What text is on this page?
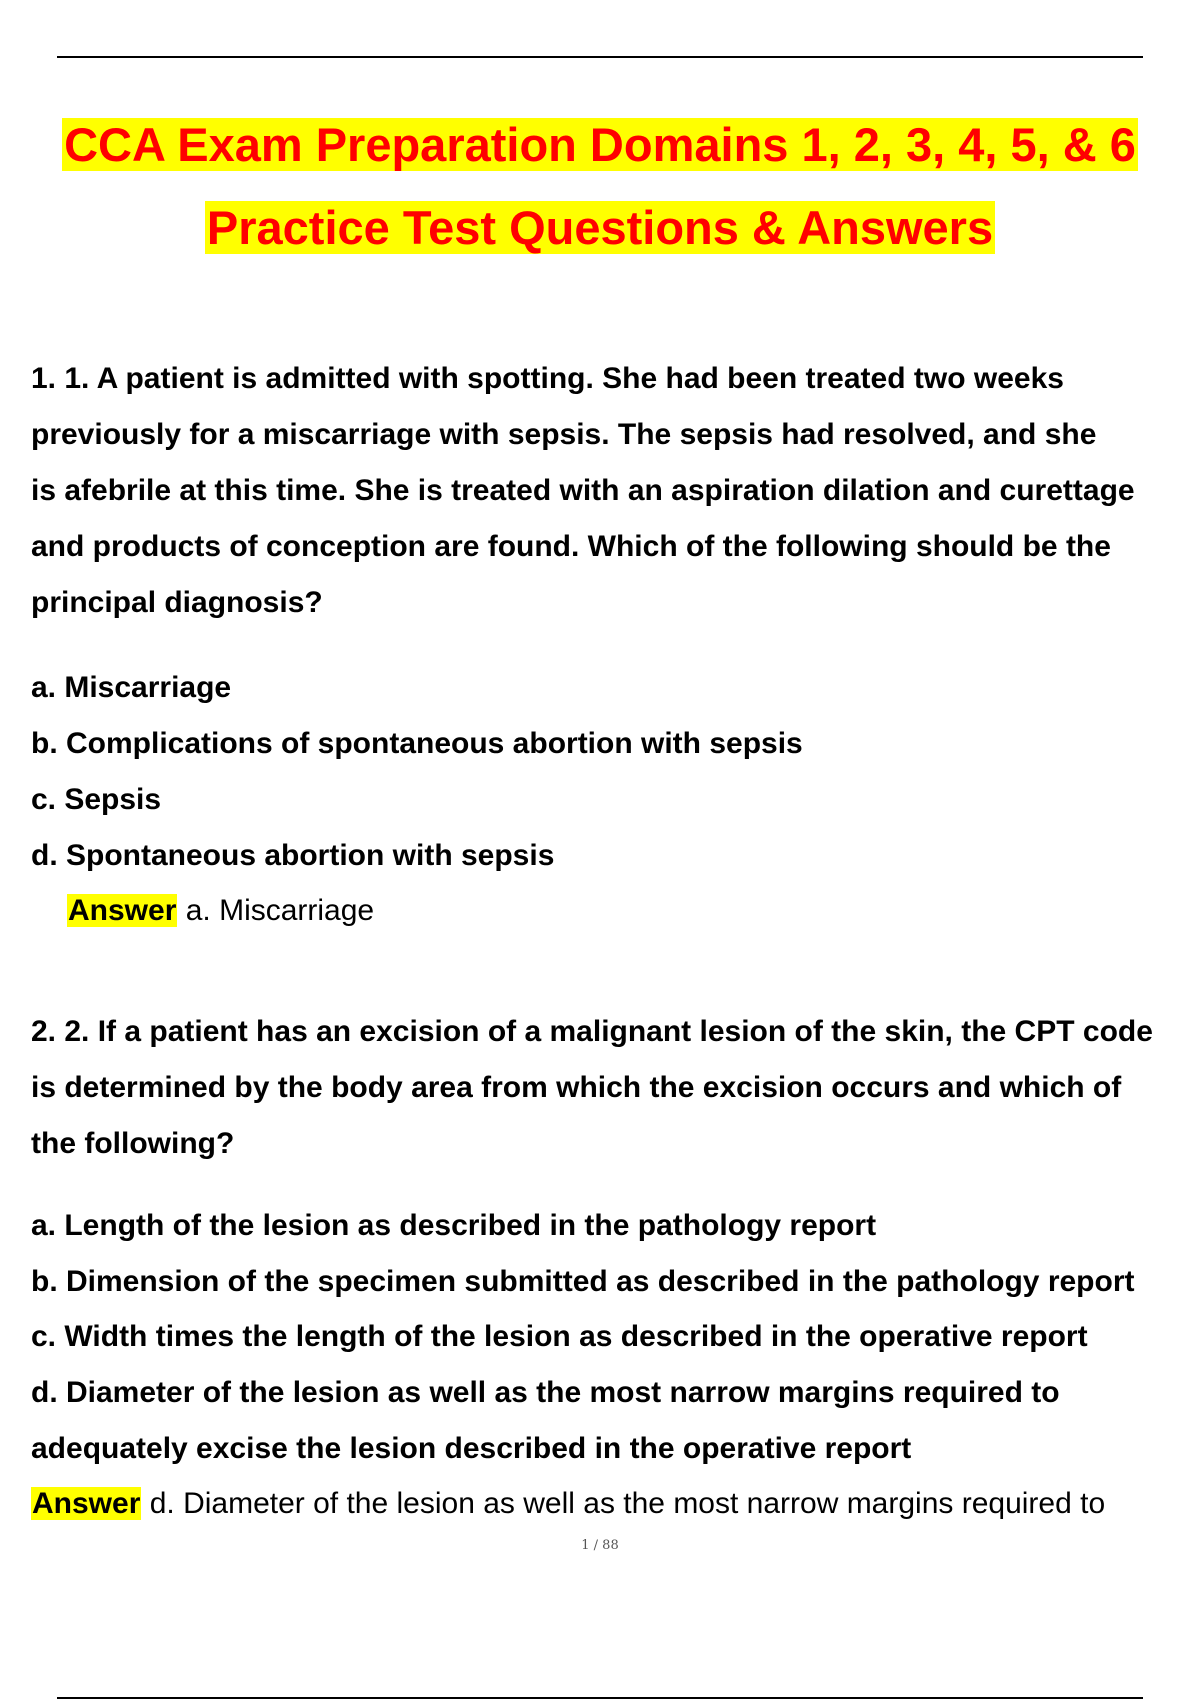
CCA Exam Preparation Domains 1, 2, 3, 4, 5, & 6
Practice Test Questions & Answers
1. 1. A patient is admitted with spotting. She had been treated two weeks
previously for a miscarriage with sepsis. The sepsis had resolved, and she
is afebrile at this time. She is treated with an aspiration dilation and curettage
and products of conception are found. Which of the following should be the
principal diagnosis?
a. Miscarriage
b. Complications of spontaneous abortion with sepsis
c. Sepsis
d. Spontaneous abortion with sepsis
Answer a. Miscarriage
2. 2. If a patient has an excision of a malignant lesion of the skin, the CPT code
is determined by the body area from which the excision occurs and which of
the following?
a. Length of the lesion as described in the pathology report
b. Dimension of the specimen submitted as described in the pathology report
c. Width times the length of the lesion as described in the operative report
d. Diameter of the lesion as well as the most narrow margins required to
adequately excise the lesion described in the operative report
Answer d. Diameter of the lesion as well as the most narrow margins required to
1 / 88
